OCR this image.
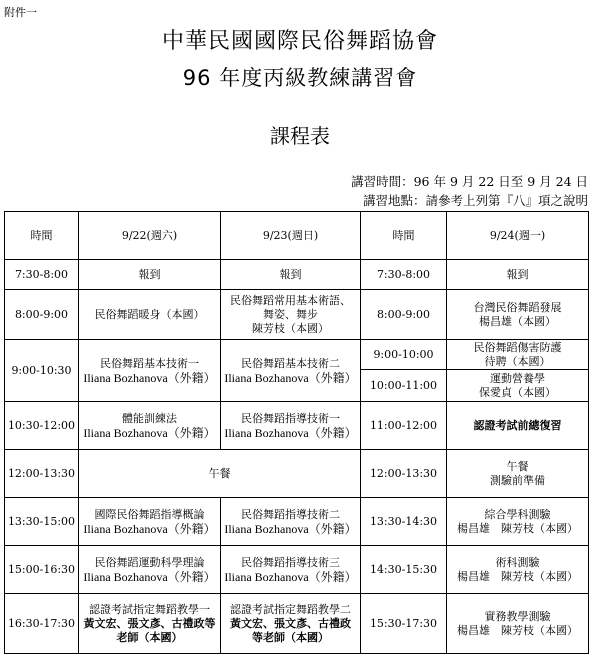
附件一
中華民國國際民俗舞蹈協會
96 年度丙級教練講習會
課程表
講習時間：96 年 9 月 22 日至 9 月 24 日
講習地點：請參考上列第『八』項之說明
時間	9/22(週六)	9/23(週日)	時間	9/24(週一)
7:30-8:00	報到	報到	7:30-8:00	報到
8:00-9:00	民俗舞蹈暖身（本國）	民俗舞蹈常用基本術語、
舞姿、舞步
陳芳枝（本國）	8:00-9:00	台灣民俗舞蹈發展
楊昌雄（本國）

9:00-10:30	民俗舞蹈基本技術一
Iliana Bozhanova（外籍）	民俗舞蹈基本技術二
Iliana Bozhanova（外籍）	9:00-10:00	民俗舞蹈傷害防護
待聘（本國）

			10:00-11:00	運動營養學
保愛貞（本國）

10:30-12:00	體能訓練法
Iliana Bozhanova（外籍）	民俗舞蹈指導技術一
Iliana Bozhanova（外籍）	11:00-12:00	認證考試前總復習
12:00-13:30	午餐		12:00-13:30	午餐
測驗前準備

13:30-15:00	國際民俗舞蹈指導概論
Iliana Bozhanova（外籍）	民俗舞蹈指導技術二
Iliana Bozhanova（外籍）	13:30-14:30	綜合學科測驗
楊昌雄　陳芳枝（本國）

15:00-16:30	民俗舞蹈運動科學理論
Iliana Bozhanova（外籍）	民俗舞蹈指導技術三
Iliana Bozhanova（外籍）	14:30-15:30	術科測驗
楊昌雄　陳芳枝（本國）

16:30-17:30	認證考試指定舞蹈教學一
黃文宏、張文彥、古禮政等
老師（本國）	認證考試指定舞蹈教學二
黃文宏、張文彥、古禮政
等老師（本國）	15:30-17:30	實務教學測驗
楊昌雄　陳芳枝（本國）
